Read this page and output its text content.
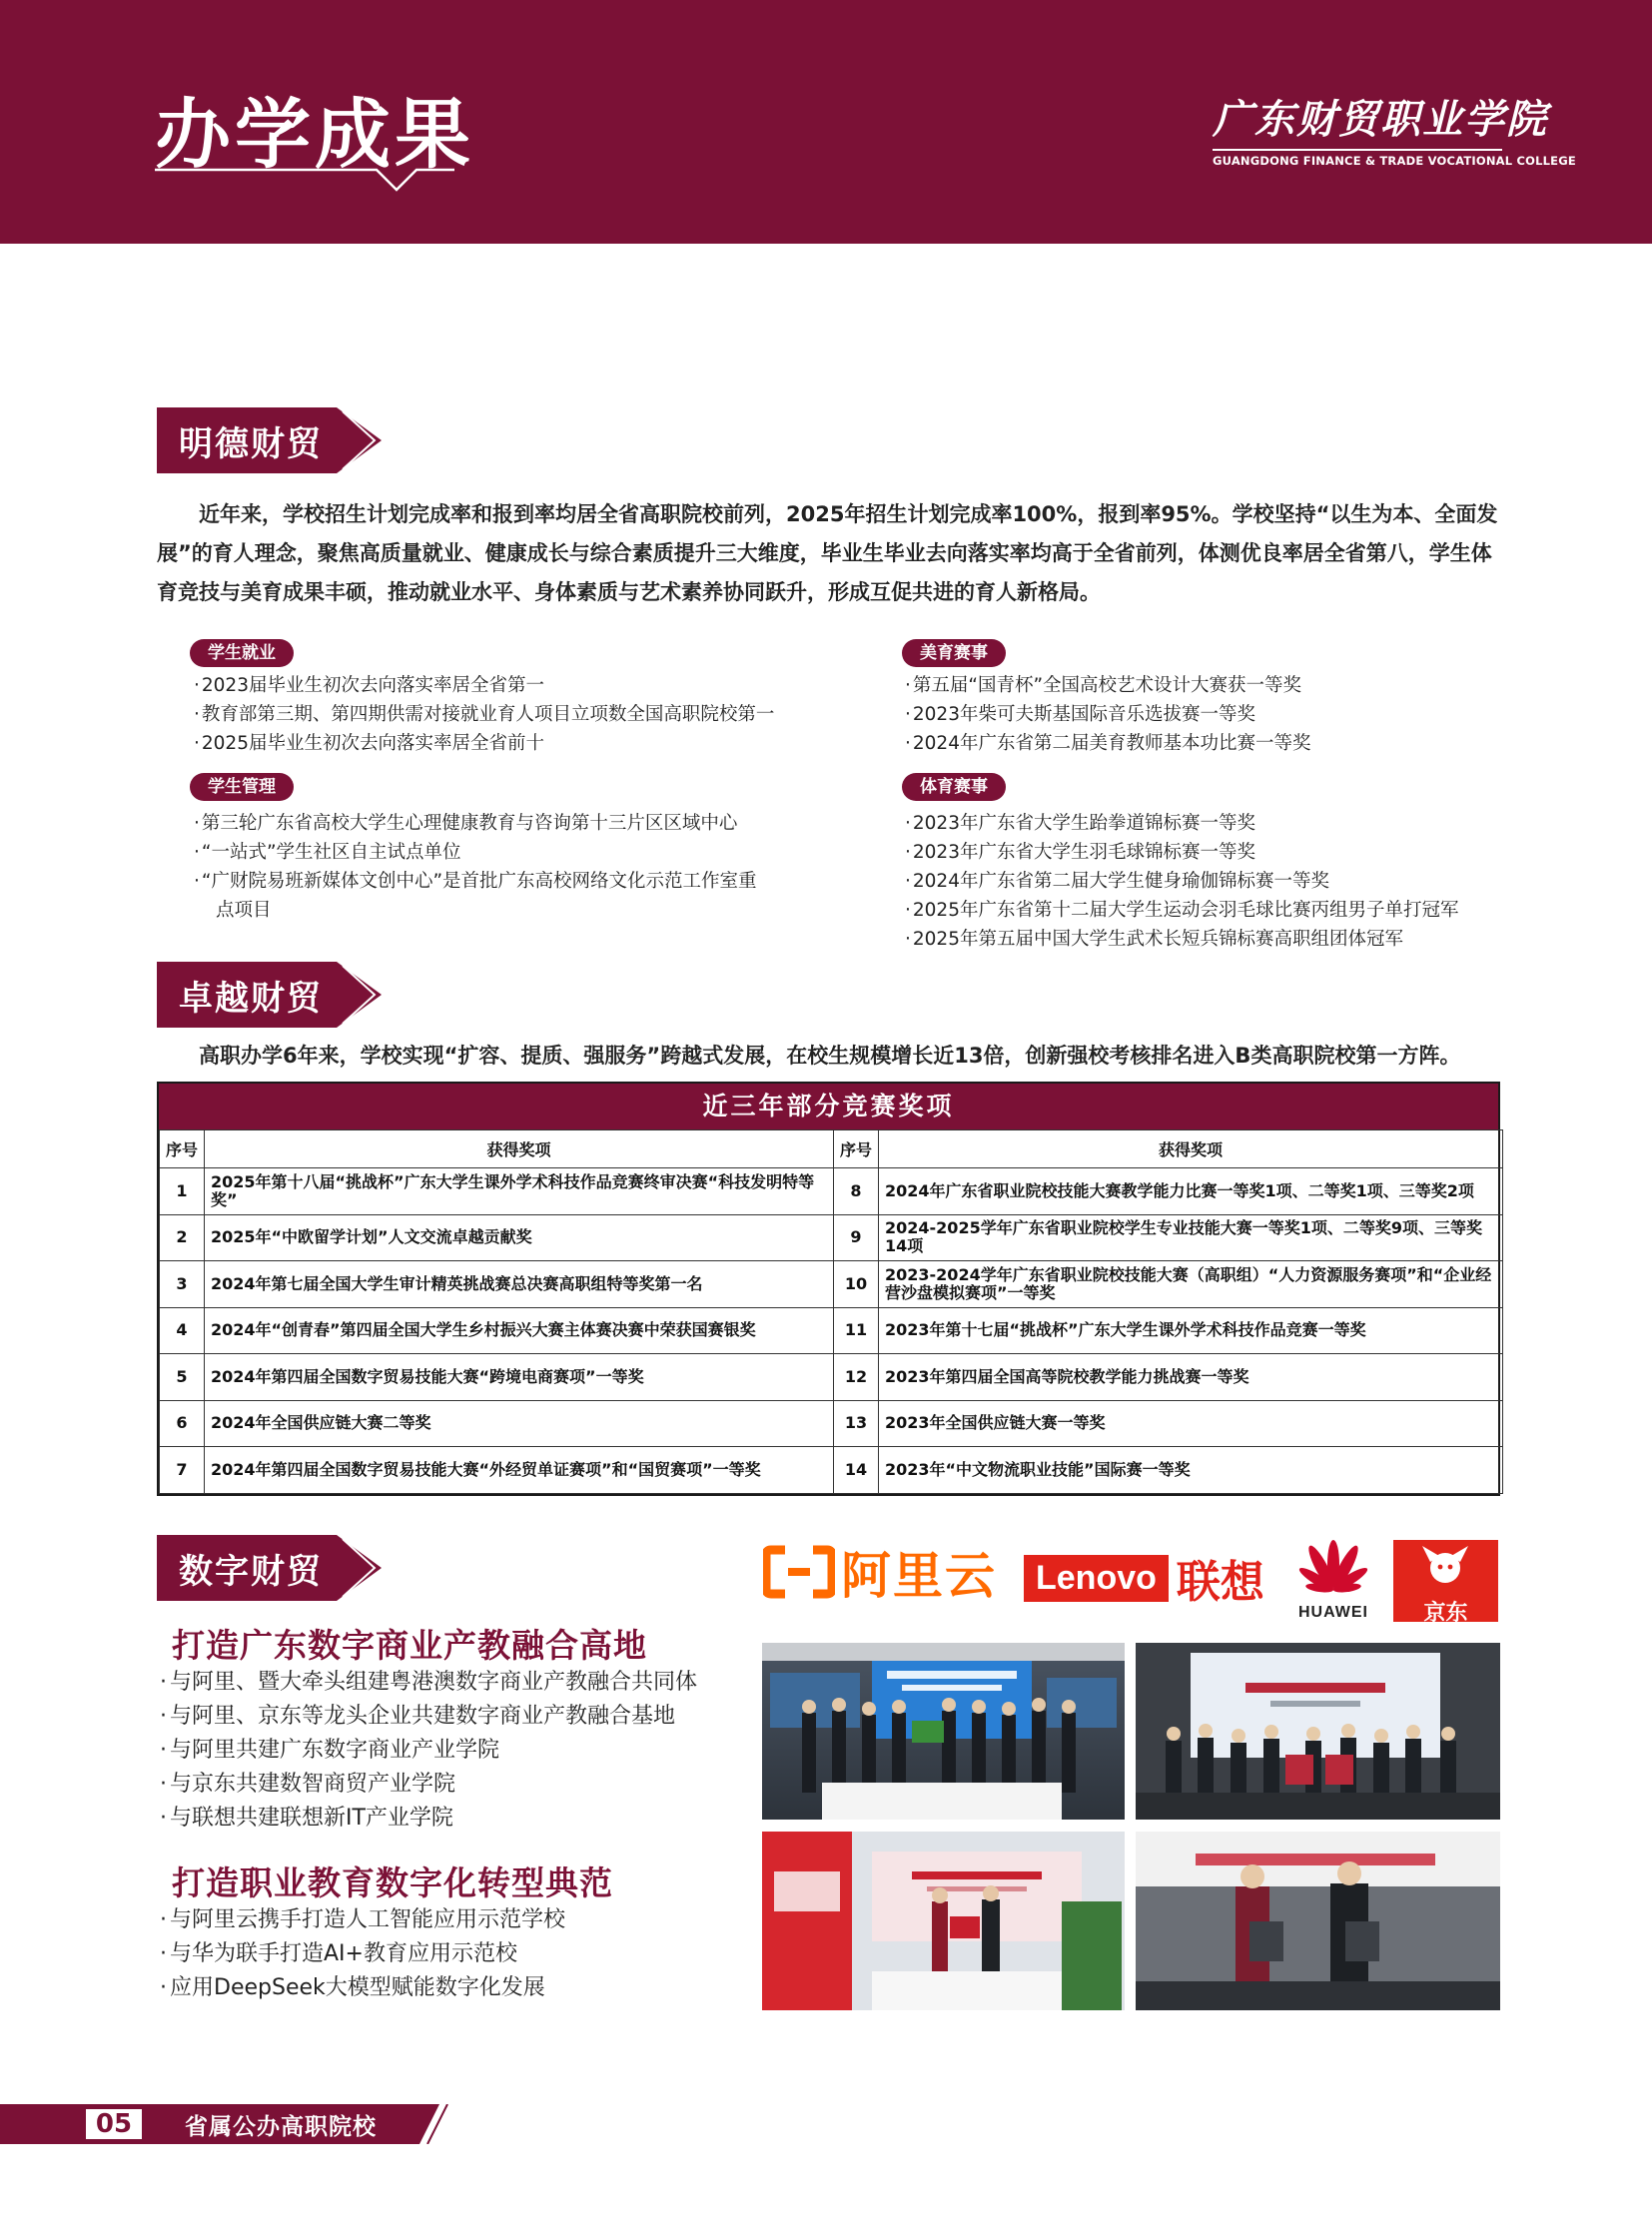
办学成果	广东财贸职业学院
GUANGDONG FINANCE & TRADE VOCATIONAL COLLEGE
明德财贸
近年来，学校招生计划完成率和报到率均居全省高职院校前列，2025年招生计划完成率100%，报到率95%。学校坚持“以生为本、全面发展”的育人理念，聚焦高质量就业、健康成长与综合素质提升三大维度，毕业生毕业去向落实率均高于全省前列，体测优良率居全省第八，学生体育竞技与美育成果丰硕，推动就业水平、身体素质与艺术素养协同跃升，形成互促共进的育人新格局。
学生就业
· 2023届毕业生初次去向落实率居全省第一
· 教育部第三期、第四期供需对接就业育人项目立项数全国高职院校第一
· 2025届毕业生初次去向落实率居全省前十
学生管理
· 第三轮广东省高校大学生心理健康教育与咨询第十三片区区域中心
· “一站式”学生社区自主试点单位
· “广财院易班新媒体文创中心”是首批广东高校网络文化示范工作室重
点项目
美育赛事
· 第五届“国青杯”全国高校艺术设计大赛获一等奖
· 2023年柴可夫斯基国际音乐选拔赛一等奖
· 2024年广东省第二届美育教师基本功比赛一等奖
体育赛事
· 2023年广东省大学生跆拳道锦标赛一等奖
· 2023年广东省大学生羽毛球锦标赛一等奖
· 2024年广东省第二届大学生健身瑜伽锦标赛一等奖
· 2025年广东省第十二届大学生运动会羽毛球比赛丙组男子单打冠军
· 2025年第五届中国大学生武术长短兵锦标赛高职组团体冠军
卓越财贸
高职办学6年来，学校实现“扩容、提质、强服务”跨越式发展，在校生规模增长近13倍，创新强校考核排名进入B类高职院校第一方阵。
近三年部分竞赛奖项
序号	获得奖项	序号	获得奖项
1	2025年第十八届“挑战杯”广东大学生课外学术科技作品竞赛终审决赛“科技发明特等奖”	8	2024年广东省职业院校技能大赛教学能力比赛一等奖1项、二等奖1项、三等奖2项
2	2025年“中欧留学计划”人文交流卓越贡献奖	9	2024-2025学年广东省职业院校学生专业技能大赛一等奖1项、二等奖9项、三等奖14项
3	2024年第七届全国大学生审计精英挑战赛总决赛高职组特等奖第一名	10	2023-2024学年广东省职业院校技能大赛（高职组）“人力资源服务赛项”和“企业经营沙盘模拟赛项”一等奖
4	2024年“创青春”第四届全国大学生乡村振兴大赛主体赛决赛中荣获国赛银奖	11	2023年第十七届“挑战杯”广东大学生课外学术科技作品竞赛一等奖
5	2024年第四届全国数字贸易技能大赛“跨境电商赛项”一等奖	12	2023年第四届全国高等院校教学能力挑战赛一等奖
6	2024年全国供应链大赛二等奖	13	2023年全国供应链大赛一等奖
7	2024年第四届全国数字贸易技能大赛“外经贸单证赛项”和“国贸赛项”一等奖	14	2023年“中文物流职业技能”国际赛一等奖
数字财贸
打造广东数字商业产教融合高地
· 与阿里、暨大牵头组建粤港澳数字商业产教融合共同体
· 与阿里、京东等龙头企业共建数字商业产教融合基地
· 与阿里共建广东数字商业产业学院
· 与京东共建数智商贸产业学院
· 与联想共建联想新IT产业学院
打造职业教育数字化转型典范
· 与阿里云携手打造人工智能应用示范学校
· 与华为联手打造AI+教育应用示范校
· 应用DeepSeek大模型赋能数字化发展
阿里云	Lenovo 联想
HUAWEI	京东
05	省属公办高职院校
